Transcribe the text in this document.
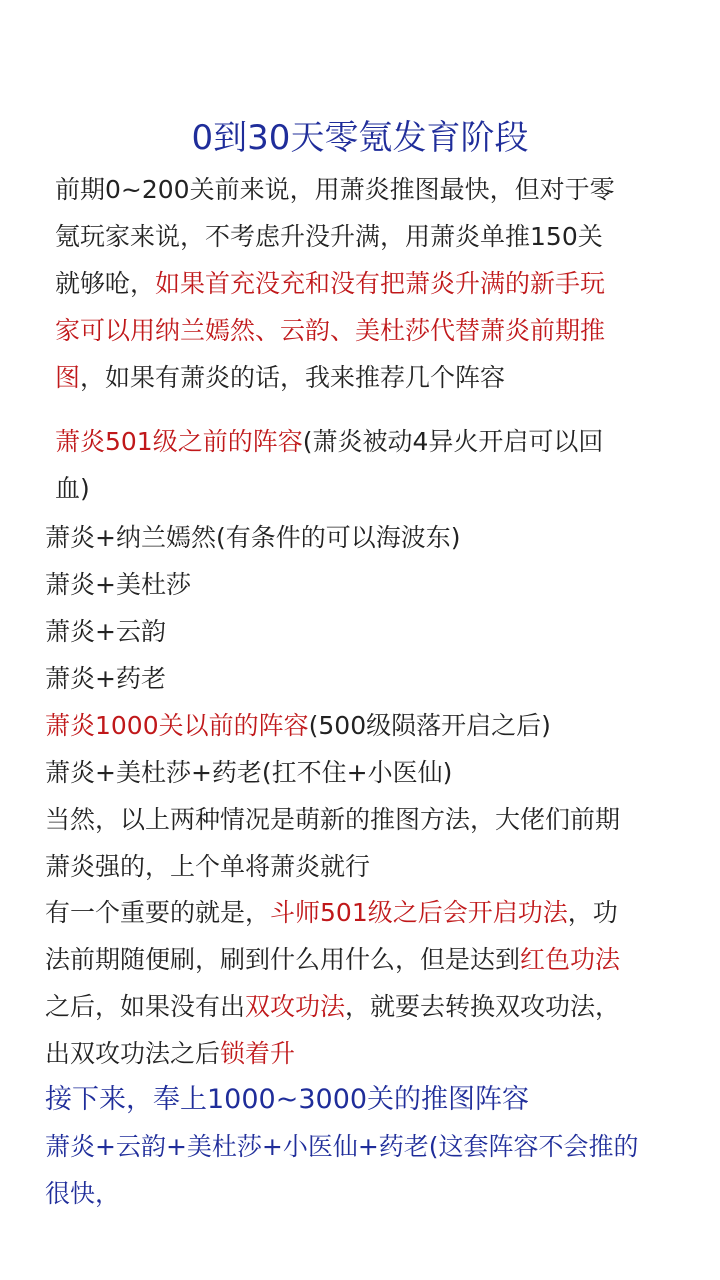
0到30天零氪发育阶段
前期0~200关前来说，用萧炎推图最快，但对于零
氪玩家来说，不考虑升没升满，用萧炎单推150关
就够呛，如果首充没充和没有把萧炎升满的新手玩
家可以用纳兰嫣然、云韵、美杜莎代替萧炎前期推
图，如果有萧炎的话，我来推荐几个阵容
萧炎501级之前的阵容(萧炎被动4异火开启可以回
血)
萧炎+纳兰嫣然(有条件的可以海波东)
萧炎+美杜莎
萧炎+云韵
萧炎+药老
萧炎1000关以前的阵容(500级陨落开启之后)
萧炎+美杜莎+药老(扛不住+小医仙)
当然，以上两种情况是萌新的推图方法，大佬们前期
萧炎强的，上个单将萧炎就行
有一个重要的就是，斗师501级之后会开启功法，功
法前期随便刷，刷到什么用什么，但是达到红色功法
之后，如果没有出双攻功法，就要去转换双攻功法，
出双攻功法之后锁着升
接下来，奉上1000~3000关的推图阵容
萧炎+云韵+美杜莎+小医仙+药老(这套阵容不会推的
很快，
